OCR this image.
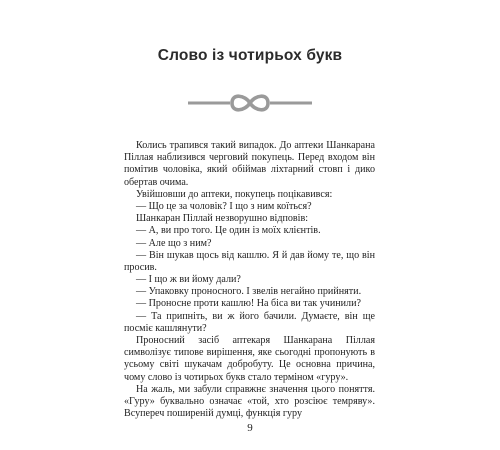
Слово із чотирьох букв

Колись трапився такий випадок. До аптеки Шанкарана Піллая наблизився черговий покупець. Перед входом він помітив чоловіка, який обіймав ліхтарний стовп і дико обертав очима.

Увійшовши до аптеки, покупець поцікавився:

— Що це за чоловік? І що з ним коїться?

Шанкаран Піллай незворушно відповів:

— А, ви про того. Це один із моїх клієнтів.

— Але що з ним?

— Він шукав щось від кашлю. Я й дав йому те, що він просив.

— І що ж ви йому дали?

— Упаковку проносного. І звелів негайно прийняти.

— Проносне проти кашлю! На біса ви так учинили?

— Та припніть, ви ж його бачили. Думаєте, він ще посміє кашлянути?

Проносний засіб аптекаря Шанкарана Піллая символізує типове вирішення, яке сьогодні пропонують в усьому світі шукачам добробуту. Це основна причина, чому слово із чотирьох букв стало терміном «гуру».

На жаль, ми забули справжнє значення цього поняття. «Гуру» буквально означає «той, хто розсіює темряву». Всупереч поширеній думці, функція гуру

9
